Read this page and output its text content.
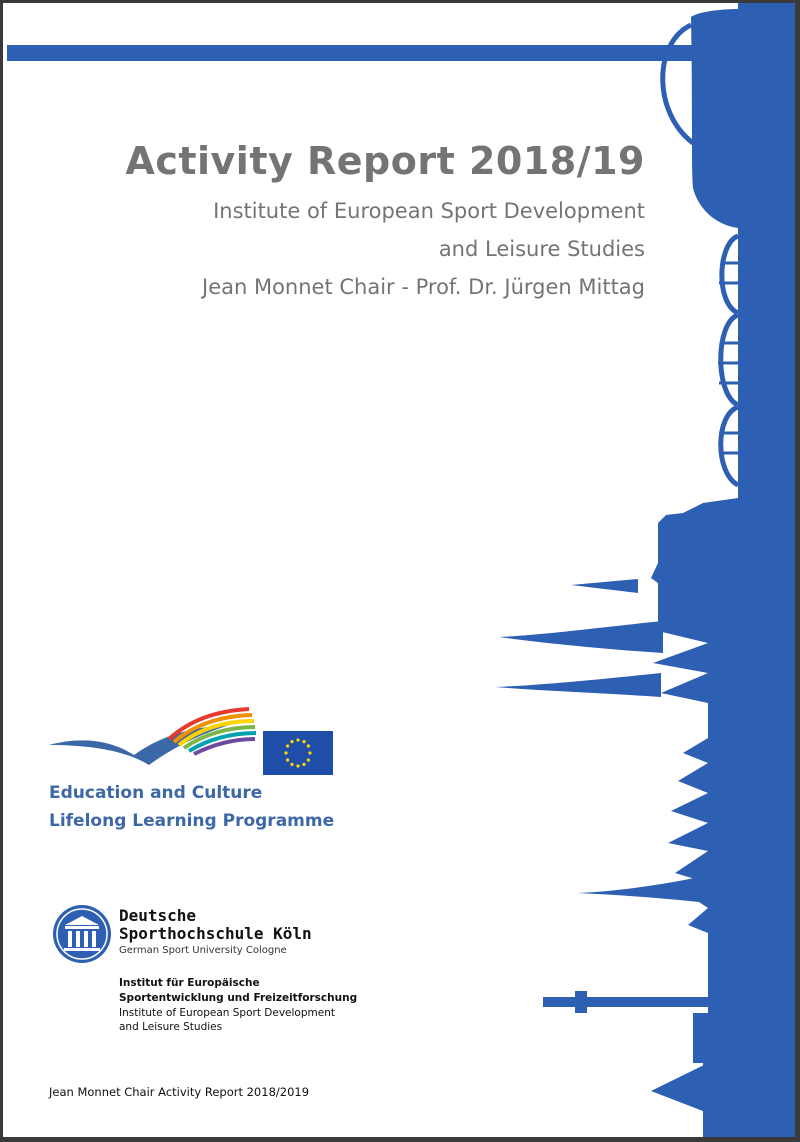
Activity Report 2018/19
Institute of European Sport Development
and Leisure Studies
Jean Monnet Chair - Prof. Dr. Jürgen Mittag
Education and Culture
Lifelong Learning Programme
Deutsche
Sporthochschule Köln
German Sport University Cologne
Institut für Europäische
Sportentwicklung und Freizeitforschung
Institute of European Sport Development
and Leisure Studies
Jean Monnet Chair Activity Report 2018/2019
